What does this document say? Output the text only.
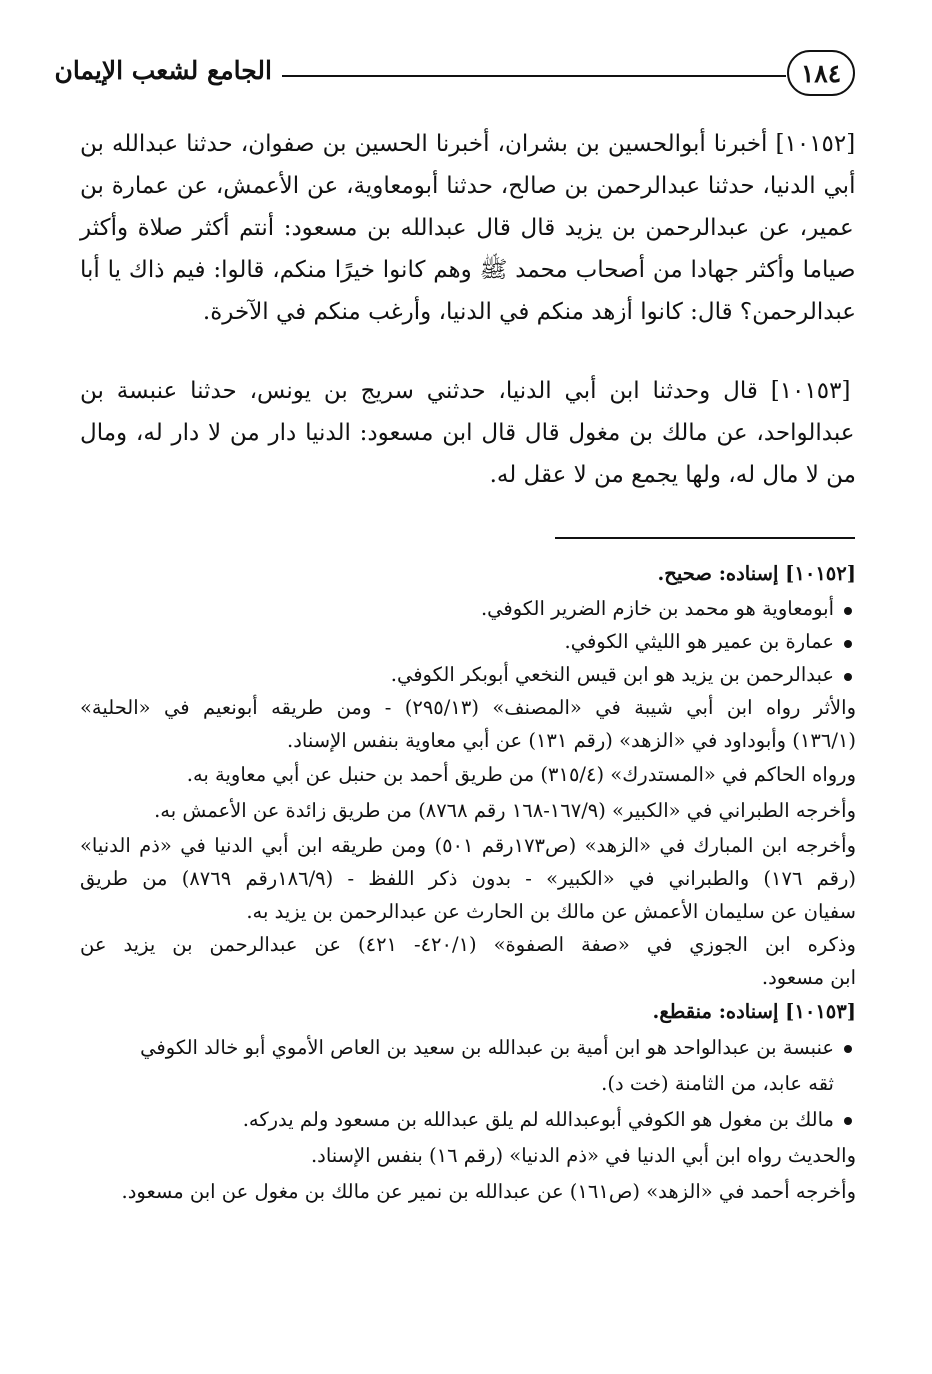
الجامع لشعب الإيمان	١٨٤
[١٠١٥٢] أخبرنا أبوالحسين بن بشران، أخبرنا الحسين بن صفوان، حدثنا عبدالله بن أبي الدنيا، حدثنا عبدالرحمن بن صالح، حدثنا أبومعاوية، عن الأعمش، عن عمارة بن عمير، عن عبدالرحمن بن يزيد قال قال عبدالله بن مسعود: أنتم أكثر صلاة وأكثر صياما وأكثر جهادا من أصحاب محمد ﷺ وهم كانوا خيرًا منكم، قالوا: فيم ذاك يا أبا عبدالرحمن؟ قال: كانوا أزهد منكم في الدنيا، وأرغب منكم في الآخرة.
[١٠١٥٣] قال وحدثنا ابن أبي الدنيا، حدثني سريج بن يونس، حدثنا عنبسة بن عبدالواحد، عن مالك بن مغول قال قال ابن مسعود: الدنيا دار من لا دار له، ومال من لا مال له، ولها يجمع من لا عقل له.
[١٠١٥٢] إسناده: صحيح.
أبومعاوية هو محمد بن خازم الضرير الكوفي.
عمارة بن عمير هو الليثي الكوفي.
عبدالرحمن بن يزيد هو ابن قيس النخعي أبوبكر الكوفي.
والأثر رواه ابن أبي شيبة في «المصنف» (٢٩٥/١٣) - ومن طريقه أبونعيم في «الحلية»
(١٣٦/١) وأبوداود في «الزهد» (رقم ١٣١) عن أبي معاوية بنفس الإسناد.
ورواه الحاكم في «المستدرك» (٣١٥/٤) من طريق أحمد بن حنبل عن أبي معاوية به.
وأخرجه الطبراني في «الكبير» (١٦٧/٩-١٦٨ رقم ٨٧٦٨) من طريق زائدة عن الأعمش به.
وأخرجه ابن المبارك في «الزهد» (ص١٧٣رقم ٥٠١) ومن طريقه ابن أبي الدنيا في «ذم الدنيا»
(رقم ١٧٦) والطبراني في «الكبير» - بدون ذكر اللفظ - (١٨٦/٩رقم ٨٧٦٩) من طريق
سفيان عن سليمان الأعمش عن مالك بن الحارث عن عبدالرحمن بن يزيد به.
وذكره ابن الجوزي في «صفة الصفوة» (٤٢٠/١- ٤٢١) عن عبدالرحمن بن يزيد عن
ابن مسعود.
[١٠١٥٣] إسناده: منقطع.
عنبسة بن عبدالواحد هو ابن أمية بن عبدالله بن سعيد بن العاص الأموي أبو خالد الكوفي
ثقه عابد، من الثامنة (خت د).
مالك بن مغول هو الكوفي أبوعبدالله لم يلق عبدالله بن مسعود ولم يدركه.
والحديث رواه ابن أبي الدنيا في «ذم الدنيا» (رقم ١٦) بنفس الإسناد.
وأخرجه أحمد في «الزهد» (ص١٦١) عن عبدالله بن نمير عن مالك بن مغول عن ابن مسعود.
